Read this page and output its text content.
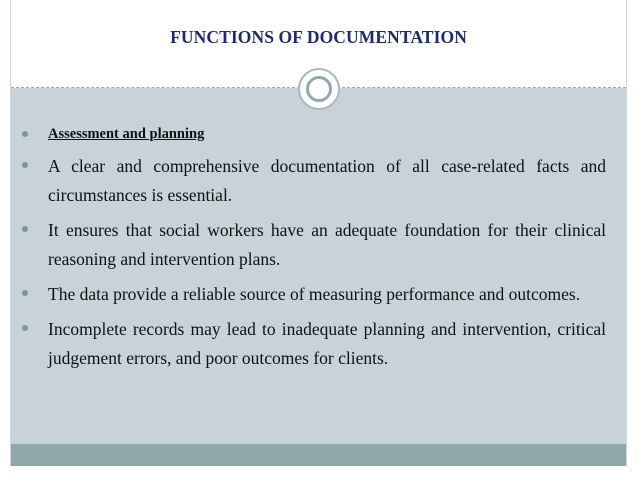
FUNCTIONS OF DOCUMENTATION
Assessment and planning
A clear and comprehensive documentation of all case-related facts and circumstances is essential.
It ensures that social workers have an adequate foundation for their clinical reasoning and intervention plans.
The data provide a reliable source of measuring performance and outcomes.
Incomplete records may lead to inadequate planning and intervention, critical judgement errors, and poor outcomes for clients.
